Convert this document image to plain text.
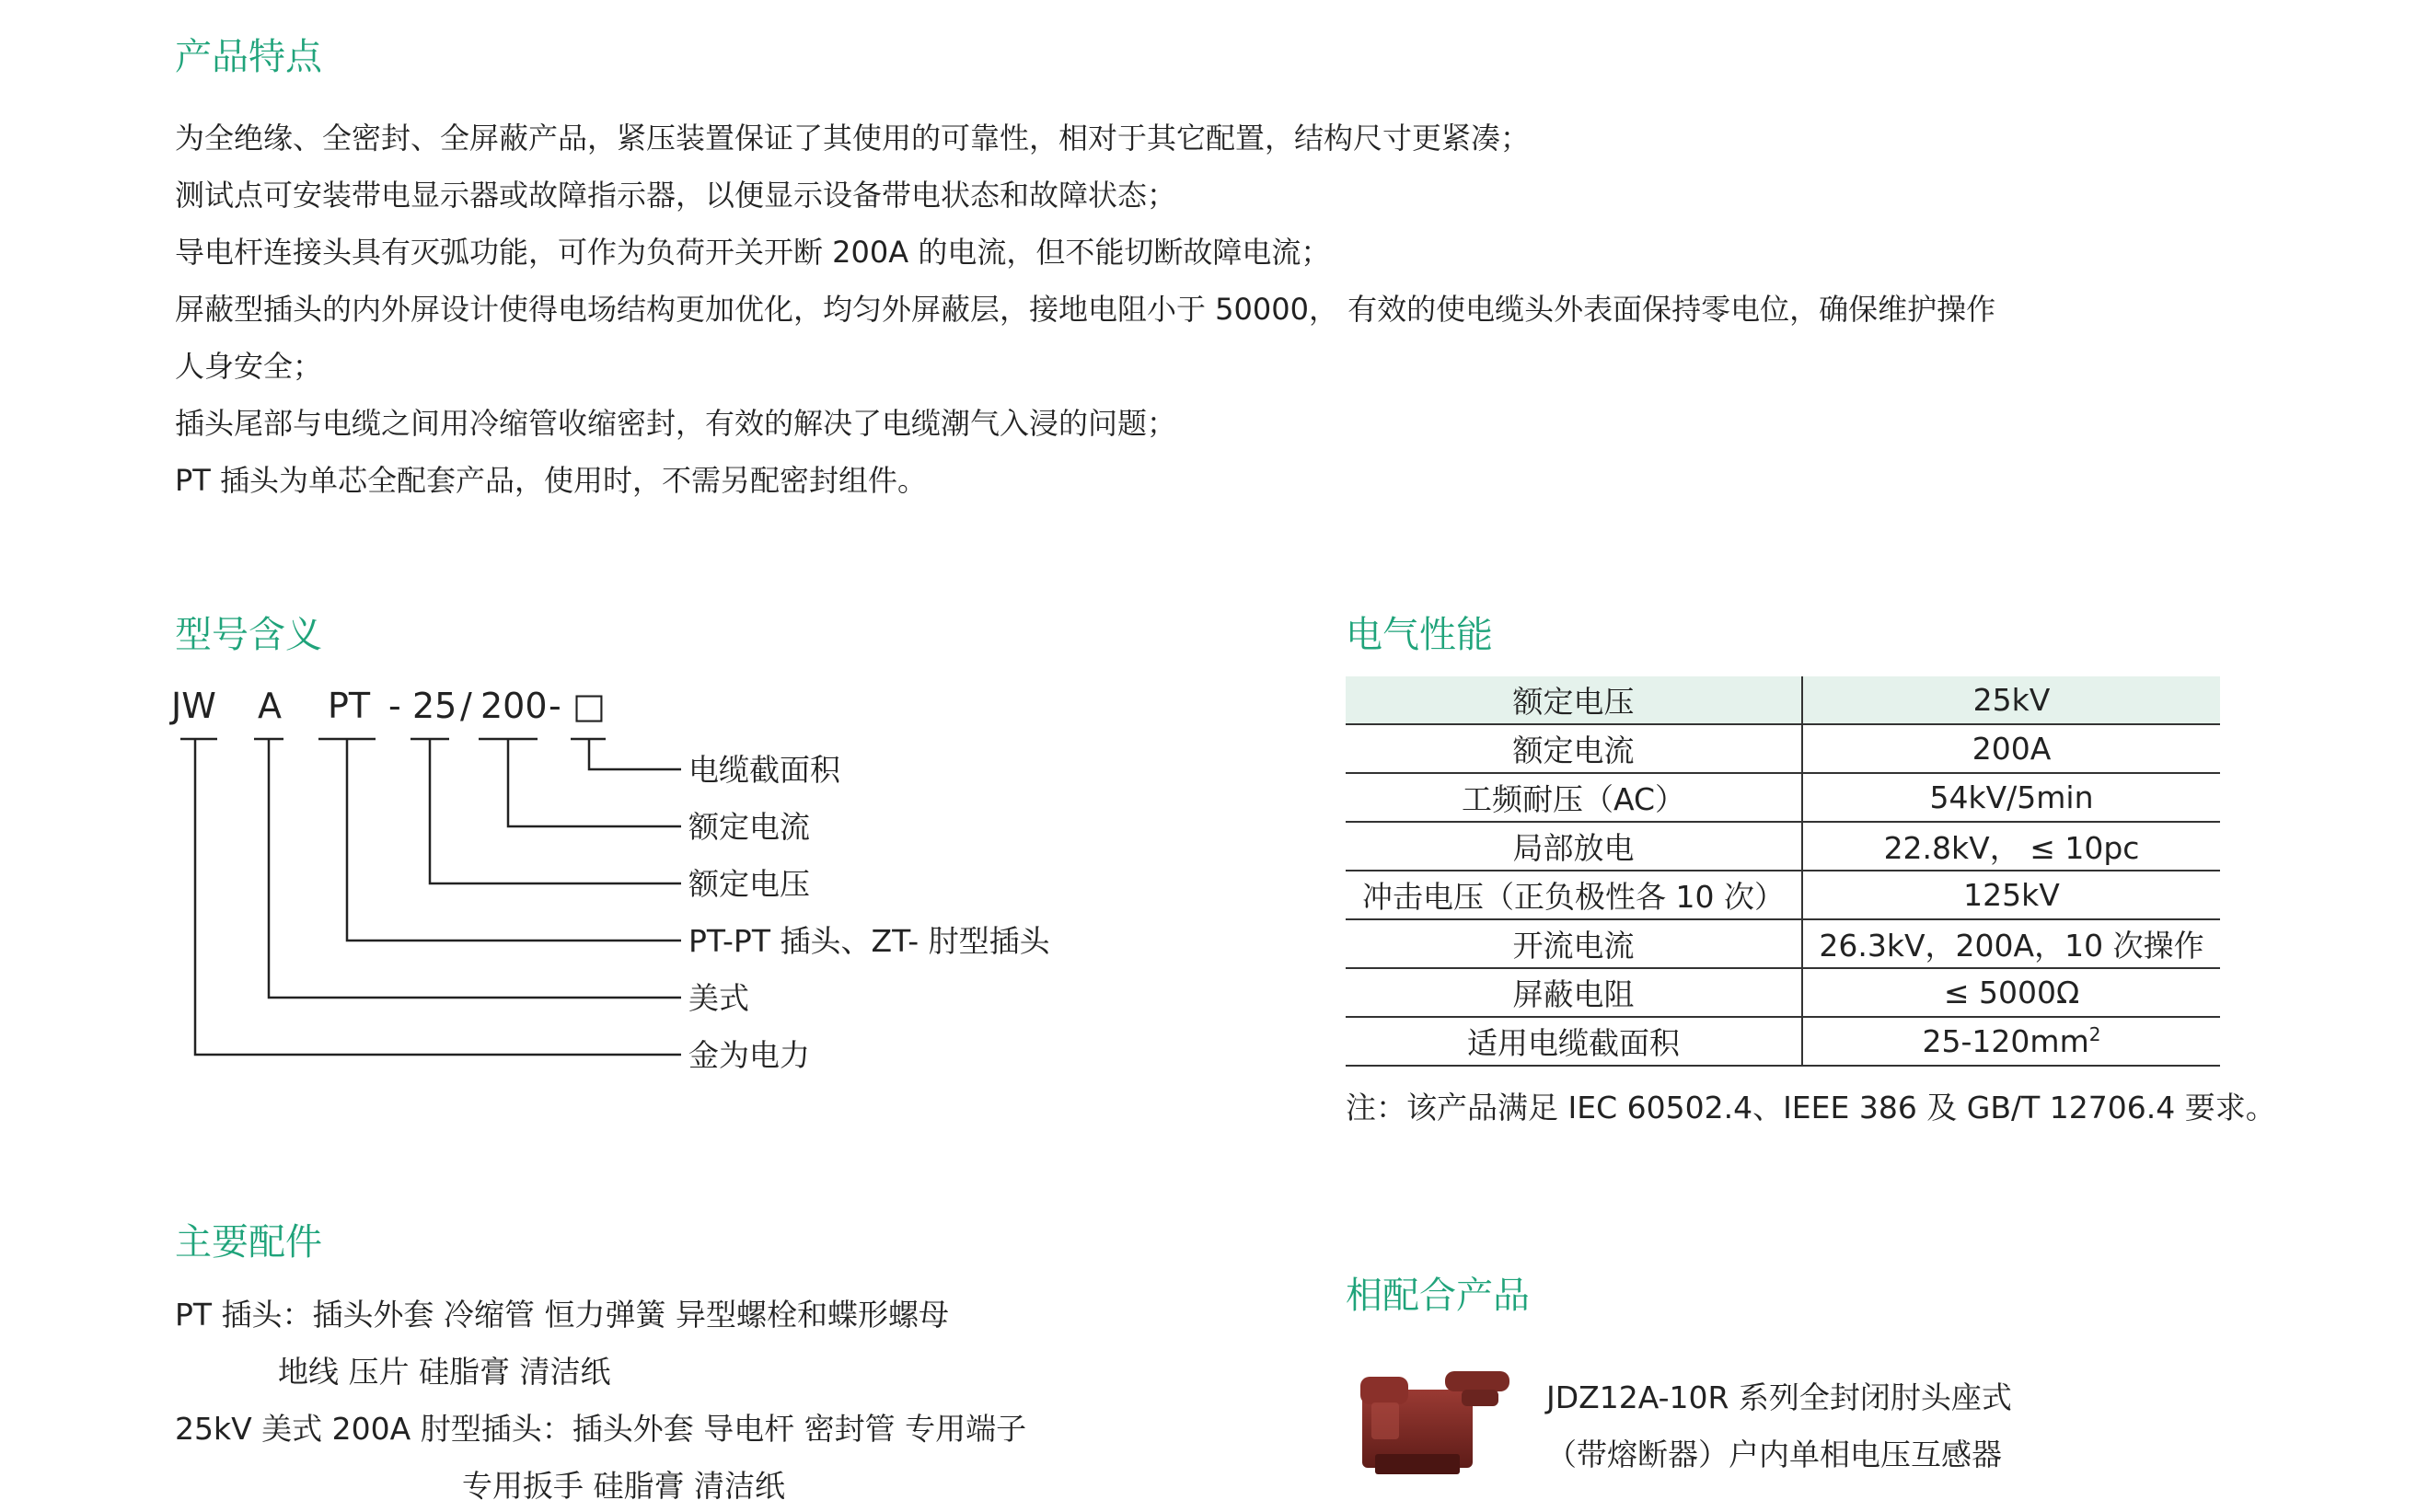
产品特点
为全绝缘、全密封、全屏蔽产品，紧压装置保证了其使用的可靠性，相对于其它配置，结构尺寸更紧凑；
测试点可安装带电显示器或故障指示器，以便显示设备带电状态和故障状态；
导电杆连接头具有灭弧功能，可作为负荷开关开断 200A 的电流，但不能切断故障电流；
屏蔽型插头的内外屏设计使得电场结构更加优化，均匀外屏蔽层，接地电阻小于 50000， 有效的使电缆头外表面保持零电位，确保维护操作
人身安全；
插头尾部与电缆之间用冷缩管收缩密封，有效的解决了电缆潮气入浸的问题；
PT 插头为单芯全配套产品，使用时，不需另配密封组件。
型号含义
JW A PT - 25 / 200 - □
电缆截面积
额定电流
额定电压
PT-PT 插头、ZT- 肘型插头
美式
金为电力
电气性能
额定电压	25kV
额定电流	200A
工频耐压（AC）	54kV/5min
局部放电	22.8kV， ≤ 10pc
冲击电压（正负极性各 10 次）	125kV
开流电流	26.3kV，200A，10 次操作
屏蔽电阻	≤ 5000Ω
适用电缆截面积	$25-120mm^2$
注：该产品满足 IEC 60502.4、IEEE 386 及 GB/T 12706.4 要求。
主要配件
PT 插头：插头外套 冷缩管 恒力弹簧 异型螺栓和蝶形螺母
地线 压片 硅脂膏 清洁纸
25kV 美式 200A 肘型插头：插头外套 导电杆 密封管 专用端子
专用扳手 硅脂膏 清洁纸
相配合产品
JDZ12A-10R 系列全封闭肘头座式
（带熔断器）户内单相电压互感器
